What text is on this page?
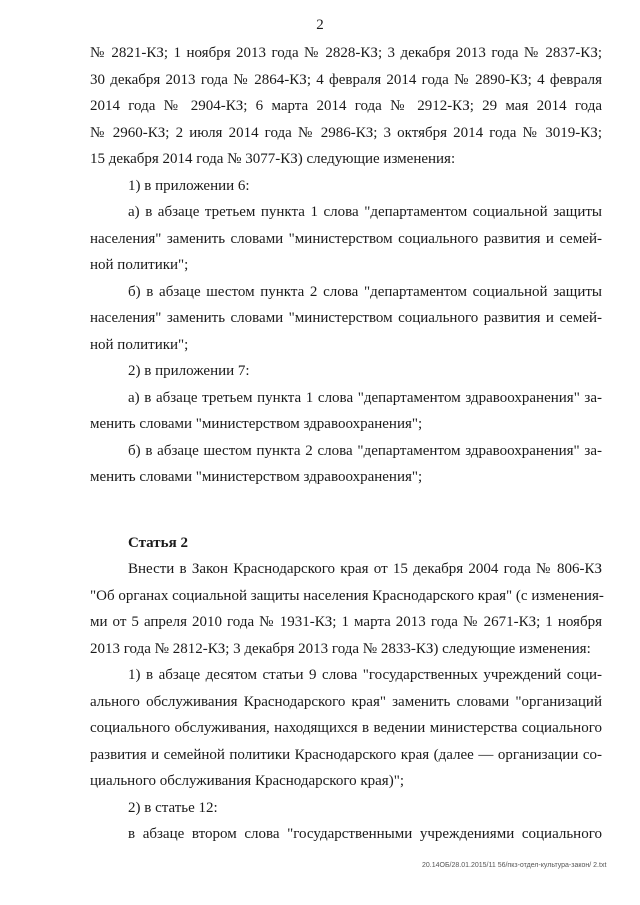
2
№ 2821-КЗ; 1 ноября 2013 года № 2828-КЗ; 3 декабря 2013 года № 2837-КЗ;
30 декабря 2013 года № 2864-КЗ; 4 февраля 2014 года № 2890-КЗ; 4 февраля
2014 года № 2904-КЗ; 6 марта 2014 года № 2912-КЗ; 29 мая 2014 года
№ 2960-КЗ; 2 июля 2014 года № 2986-КЗ; 3 октября 2014 года № 3019-КЗ;
15 декабря 2014 года № 3077-КЗ) следующие изменения:
1) в приложении 6:
а) в абзаце третьем пункта 1 слова "департаментом социальной защиты
населения" заменить словами "министерством социального развития и семей-
ной политики";
б) в абзаце шестом пункта 2 слова "департаментом социальной защиты
населения" заменить словами "министерством социального развития и семей-
ной политики";
2) в приложении 7:
а) в абзаце третьем пункта 1 слова "департаментом здравоохранения" за-
менить словами "министерством здравоохранения";
б) в абзаце шестом пункта 2 слова "департаментом здравоохранения" за-
менить словами "министерством здравоохранения";
Статья 2
Внести в Закон Краснодарского края от 15 декабря 2004 года № 806-КЗ
"Об органах социальной защиты населения Краснодарского края" (с изменения-
ми от 5 апреля 2010 года № 1931-КЗ; 1 марта 2013 года № 2671-КЗ; 1 ноября
2013 года № 2812-КЗ; 3 декабря 2013 года № 2833-КЗ) следующие изменения:
1) в абзаце десятом статьи 9 слова "государственных учреждений соци-
ального обслуживания Краснодарского края" заменить словами "организаций
социального обслуживания, находящихся в ведении министерства социального
развития и семейной политики Краснодарского края (далее — организации со-
циального обслуживания Краснодарского края)";
2) в статье 12:
в абзаце втором слова "государственными учреждениями социального
20.14ОБ/28.01.2015/11 56/пкз-отдел-культура-закон/ 2.txt
